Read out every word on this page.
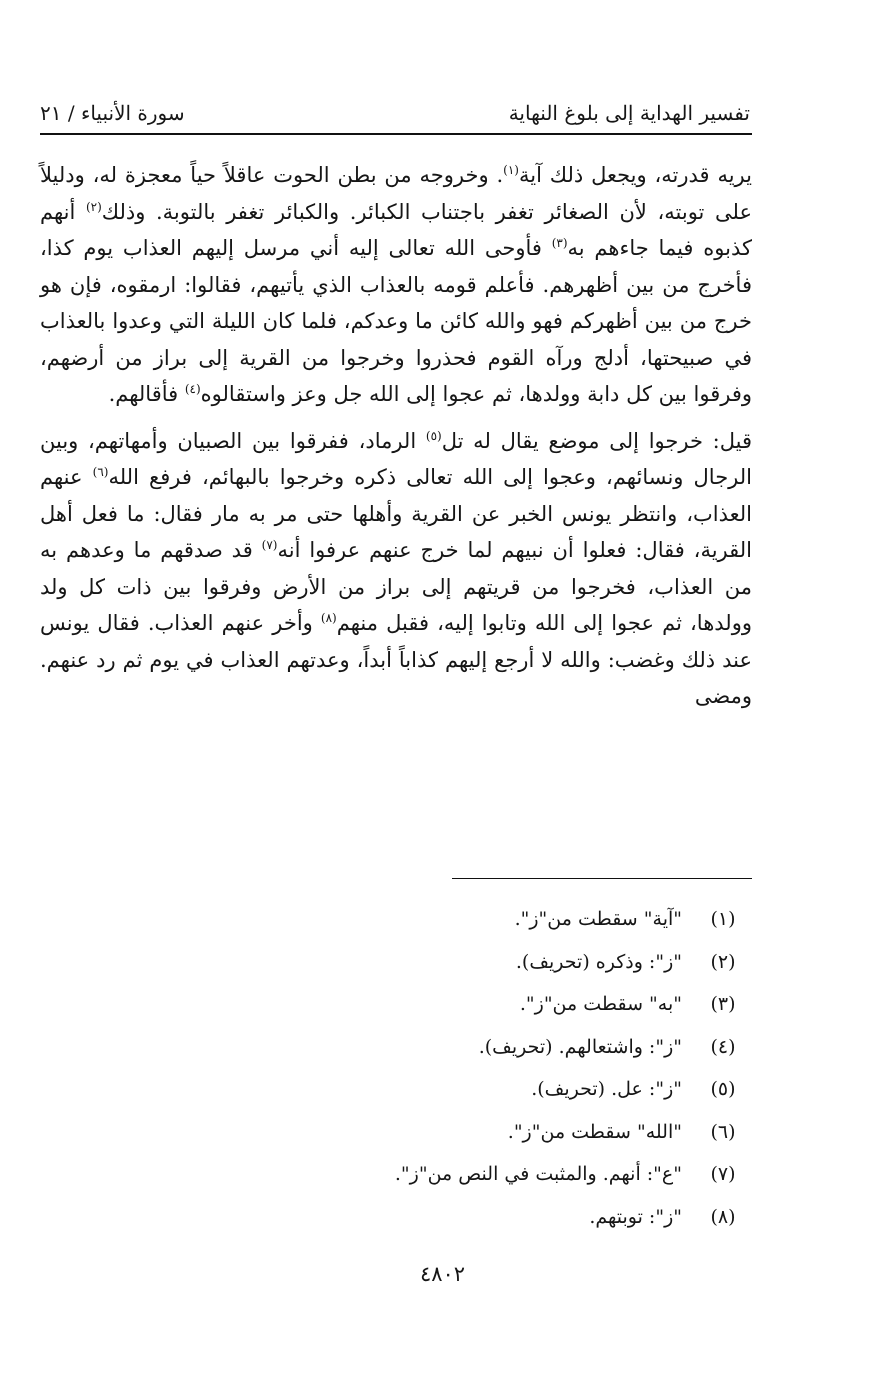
تفسير الهداية إلى بلوغ النهاية
سورة الأنبياء / ٢١

يريه قدرته، ويجعل ذلك آية$^{(١)}$. وخروجه من بطن الحوت عاقلاً حياً معجزة له، ودليلاً على توبته، لأن الصغائر تغفر باجتناب الكبائر. والكبائر تغفر بالتوبة. وذلك$^{(٢)}$ أنهم كذبوه فيما جاءهم به$^{(٣)}$ فأوحى الله تعالى إليه أني مرسل إليهم العذاب يوم كذا، فأخرج من بين أظهرهم. فأعلم قومه بالعذاب الذي يأتيهم، فقالوا: ارمقوه، فإن هو خرج من بين أظهركم فهو والله كائن ما وعدكم، فلما كان الليلة التي وعدوا بالعذاب في صبيحتها، أدلج ورآه القوم فحذروا وخرجوا من القرية إلى براز من أرضهم، وفرقوا بين كل دابة وولدها، ثم عجوا إلى الله جل وعز واستقالوه$^{(٤)}$ فأقالهم.

قيل: خرجوا إلى موضع يقال له تل$^{(٥)}$ الرماد، ففرقوا بين الصبيان وأمهاتهم، وبين الرجال ونسائهم، وعجوا إلى الله تعالى ذكره وخرجوا بالبهائم، فرفع الله$^{(٦)}$ عنهم العذاب، وانتظر يونس الخبر عن القرية وأهلها حتى مر به مار فقال: ما فعل أهل القرية، فقال: فعلوا أن نبيهم لما خرج عنهم عرفوا أنه$^{(٧)}$ قد صدقهم ما وعدهم به من العذاب، فخرجوا من قريتهم إلى براز من الأرض وفرقوا بين ذات كل ولد وولدها، ثم عجوا إلى الله وتابوا إليه، فقبل منهم$^{(٨)}$ وأخر عنهم العذاب. فقال يونس عند ذلك وغضب: والله لا أرجع إليهم كذاباً أبداً، وعدتهم العذاب في يوم ثم رد عنهم. ومضى

(١)
"آية" سقطت من"ز".
(٢)
"ز": وذكره (تحريف).
(٣)
"به" سقطت من"ز".
(٤)
"ز": واشتعالهم. (تحريف).
(٥)
"ز": عل. (تحريف).
(٦)
"الله" سقطت من"ز".
(٧)
"ع": أنهم. والمثبت في النص من"ز".
(٨)
"ز": توبتهم.
٤٨٠٢
